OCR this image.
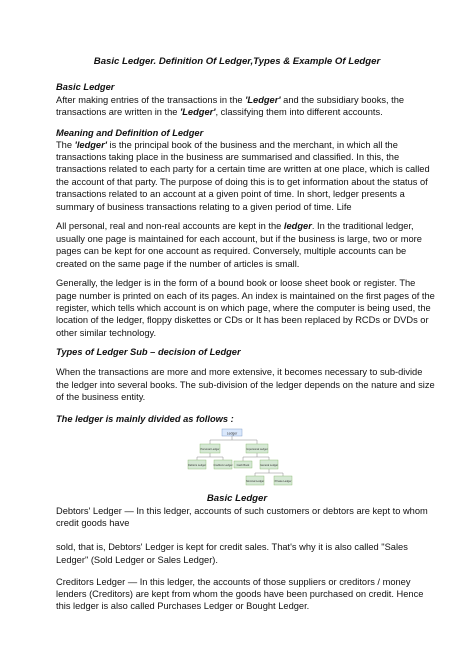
Basic Ledger. Definition Of Ledger,Types & Example Of Ledger
Basic Ledger
After making entries of the transactions in the 'Ledger' and the subsidiary books, the
transactions are written in the 'Ledger', classifying them into different accounts.
Meaning and Definition of Ledger
The 'ledger' is the principal book of the business and the merchant, in which all the
transactions taking place in the business are summarised and classified. In this, the
transactions related to each party for a certain time are written at one place, which is called
the account of that party. The purpose of doing this is to get information about the status of
transactions related to an account at a given point of time. In short, ledger presents a
summary of business transactions relating to a given period of time. Life
All personal, real and non-real accounts are kept in the ledger. In the traditional ledger,
usually one page is maintained for each account, but if the business is large, two or more
pages can be kept for one account as required. Conversely, multiple accounts can be
created on the same page if the number of articles is small.
Generally, the ledger is in the form of a bound book or loose sheet book or register. The
page number is printed on each of its pages. An index is maintained on the first pages of the
register, which tells which account is on which page, where the computer is being used, the
location of the ledger, floppy diskettes or CDs or It has been replaced by RCDs or DVDs or
other similar technology.
Types of Ledger Sub – decision of Ledger
When the transactions are more and more extensive, it becomes necessary to sub-divide
the ledger into several books. The sub-division of the ledger depends on the nature and size
of the business entity.
The ledger is mainly divided as follows :
Ledger
Personal Ledger	Impersonal Ledger
Debtors Ledger	Creditors Ledger Cash Book	General Ledger
Nominal Ledger	Private Ledger
Basic Ledger
Debtors' Ledger — In this ledger, accounts of such customers or debtors are kept to whom
credit goods have
sold, that is, Debtors' Ledger is kept for credit sales. That's why it is also called "Sales
Ledger" (Sold Ledger or Sales Ledger).
Creditors Ledger — In this ledger, the accounts of those suppliers or creditors / money
lenders (Creditors) are kept from whom the goods have been purchased on credit. Hence
this ledger is also called Purchases Ledger or Bought Ledger.
